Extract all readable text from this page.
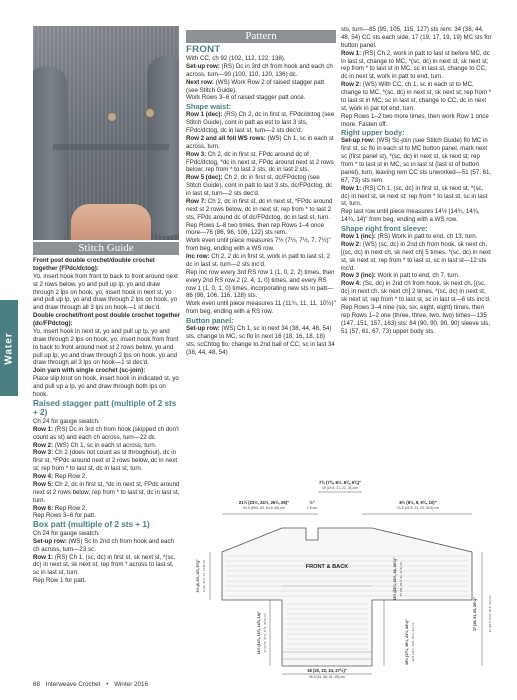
Water
Stitch Guide
Pattern

Front post double crochet/double crochet together (FPdc/dctog):

Yo, insert hook from front to back to front around next st 2 rows below, yo and pull up lp, yo and draw through 2 lps on hook, yo, insert hook in next st, yo and pull up lp, yo and draw through 2 lps on hook, yo and draw through all 3 lps on hook—1 st dec'd.

Double crochet/front post double crochet together (dc/FPdctog):

Yo, insert hook in next st, yo and pull up lp, yo and draw through 2 lps on hook, yo, insert hook from front to back to front around next st 2 rows below, yo and pull up lp, yo and draw through 2 lps on hook, yo and draw through all 3 lps on hook—1 st dec'd.

Join yarn with single crochet (sc-join):

Place slip knot on hook, insert hook in indicated st, yo and pull up a lp, yo and draw through both lps on hook.

Raised stagger patt (multiple of 2 sts + 2)

Ch 24 for gauge swatch.

Row 1: (RS) Dc in 3rd ch from hook (skipped ch don't count as st) and each ch across, turn—22 dc.

Row 2: (WS) Ch 1, sc in each st across, turn.

Row 3: Ch 2 (does not count as st throughout), dc in first st, *FPdc around next st 2 rows below, dc in next st; rep from * to last st, dc in last st, turn.

Row 4: Rep Row 2.

Row 5: Ch 2, dc in first st, *dc in next st, FPdc around next st 2 rows below; rep from * to last st, dc in last st, turn.

Row 6: Rep Row 2.

Rep Rows 3–6 for patt.

Box patt (multiple of 2 sts + 1)

Ch 24 for gauge swatch.

Set-up row: (WS) Sc in 2nd ch from hook and each ch across, turn—23 sc.

Row 1: (RS) Ch 1, (sc, dc) in first st, sk next st, *(sc, dc) in next st, sk next st; rep from * across to last st, sc in last st, turn.

Rep Row 1 for patt.

FRONT

With CC, ch 92 (102, 112, 122, 138).

Set-up row: (RS) Dc in 3rd ch from hook and each ch across, turn—90 (100, 110, 120, 136) dc.

Next row: (WS) Work Row 2 of raised stagger patt (see Stitch Guide).

Work Rows 3–6 of raised stagger patt once.

Shape waist:

Row 1 (dec): (RS) Ch 2, dc in first st, FPdc/dctog (see Stitch Guide), cont in patt as est to last 3 sts, FPdc/dctog, dc in last st, turn—2 sts dec'd.

Row 2 and all foll WS rows: (WS) Ch 1, sc in each st across, turn.

Row 3: Ch 2, dc in first st, FPdc around dc of FPdc/dctog, *dc in next st, FPdc around next st 2 rows below; rep from * to last 2 sts, dc in last 2 sts.

Row 5 (dec): Ch 2, dc in first st, dc/FPdctog (see Stitch Guide), cont in patt to last 3 sts, dc/FPdctog, dc in last st, turn—2 sts dec'd.

Row 7: Ch 2, dc in first st, dc in next st, *FPdc around next st 2 rows below, dc in next st; rep from * to last 2 sts, FPdc around dc of dc/FPdctog, dc in last st, turn.

Rep Rows 1–8 two times, then rep Rows 1–4 once more—76 (86, 96, 106, 122) sts rem.

Work even until piece measures 7½ (7½, 7½, 7, 7½)" from beg, ending with a WS row.

Inc row: Ch 2, 2 dc in first st, work in patt to last st, 2 dc in last st, turn—2 sts inc'd.

Rep Inc row every 3rd RS row 1 (1, 0, 2, 2) times, then every 2nd RS row 2 (2, 4, 1, 0) times, and every RS row 1 (1, 0, 1, 0) times, incorporating new sts in patt—86 (96, 106, 116, 128) sts.

Work even until piece measures 11 (11¾, 11, 11, 10½)" from beg, ending with a RS row.

Button panel:

Set-up row: (WS) Ch 1, sc in next 34 (38, 44, 48, 54) sts, change to MC, sc flo in next 16 (18, 16, 18, 18) sts, scChtog flo, change to 2nd ball of CC, sc in last 34 (38, 44, 48, 54)

sts, turn—85 (95, 105, 115, 127) sts rem: 34 (38, 44, 48, 54) CC sts each side, 17 (19, 17, 19, 19) MC sts for button panel.

Row 1: (RS) Ch 2, work in patt to last st before MC, dc in last st, change to MC, *(sc, dc) in next st, sk next st; rep from * to last st in MC, sc in last st, change to CC, dc in next st, work in patt to end, turn.

Row 2: (WS) With CC, ch 1, sc in each st to MC, change to MC, *(sc, dc) in next st, sk next st; rep from * to last st in MC, sc in last st, change to CC, dc in next st, work in pat tot end, turn.

Rep Rows 1–2 two more times, then work Row 1 once more. Fasten off.

Right upper body:

Set-up row: (WS) Sc-join (see Stitch Guide) flo MC in first st, sc flo in each st to MC button panel, mark next sc (first panel st), *(sc, dc) in next st, sk next st; rep from * to last st in MC, sc in last st (last st of button panel), turn, leaving rem CC sts unworked—51 (57, 61, 67, 73) sts rem.

Row 1: (RS) Ch 1, (sc, dc) in first st, sk next st, *(sc, dc) in next st, sk next st; rep from * to last st, sc in last st, turn.

Rep last row until piece measures 14½ (14¾, 14¾, 14¾, 14)" from beg, ending with a WS row.

Shape right front sleeve:

Row 1 (inc): (RS) Work in patt to end, ch 13, turn.

Row 2: (WS) (sc, dc) in 2nd ch from hook, sk next ch, [(sc, dc) in next ch, sk next ch] 5 times, *(sc, dc) in next st, sk next st; rep from * to last st, sc in last st—12 sts inc'd.

Row 3 (inc): Work in patt to end, ch 7, turn.

Row 4: (Sc, dc) in 2nd ch from hook, sk next ch, [(sc, dc) in next ch, sk next ch] 2 times, *(sc, dc) in next st, sk next st; rep from * to last st, sc in last st—6 sts inc'd.

Rep Rows 3–4 nine (six, six, eight, eight) times, then rep Rows 1–2 one (three, three, two, two) times—135 (147, 151, 157, 163) sts: 84 (90, 90, 90, 90) sleeve sts, 51 (57, 61, 67, 73) upper body sts.

7¾ (7¾, 8½, 8¾, 9¾)"
19 (19.5, 21, 22, 24) cm
21½ (23½, 24½, 25½, 26)"
54.5 (59.5, 62, 64.5, 66) cm
½"
1.5 cm
8½ (8½, 9, 9¼, 10)"
21.5 (21.5, 23, 24, 25.5) cm
3½ (4, 4½, 4¾, 5¼)" 9 (10, 11.5, 12, 13.5) cm
14½ (14¾, 14¾, 14¾, 14)" 37 (37.5, 37.5, 37.5, 35.5) cm
22½ (23¼, 23½, 24, 24¼)" 57 (59, 59.5, 61, 61.5) cm
17 (19, 21, 23, 25¼)"	43 (48.5, 53.5, 58.5, 64) cm
15½ (17½, 19½, 21½, 24½)" 39.5 (44.5, 49.5, 54.5, 62) cm
18 (20, 22, 24, 27½)"
45.5 (51, 56, 61, 69) cm
FRONT & BACK
68 Interweave Crochet • Winter 2016
